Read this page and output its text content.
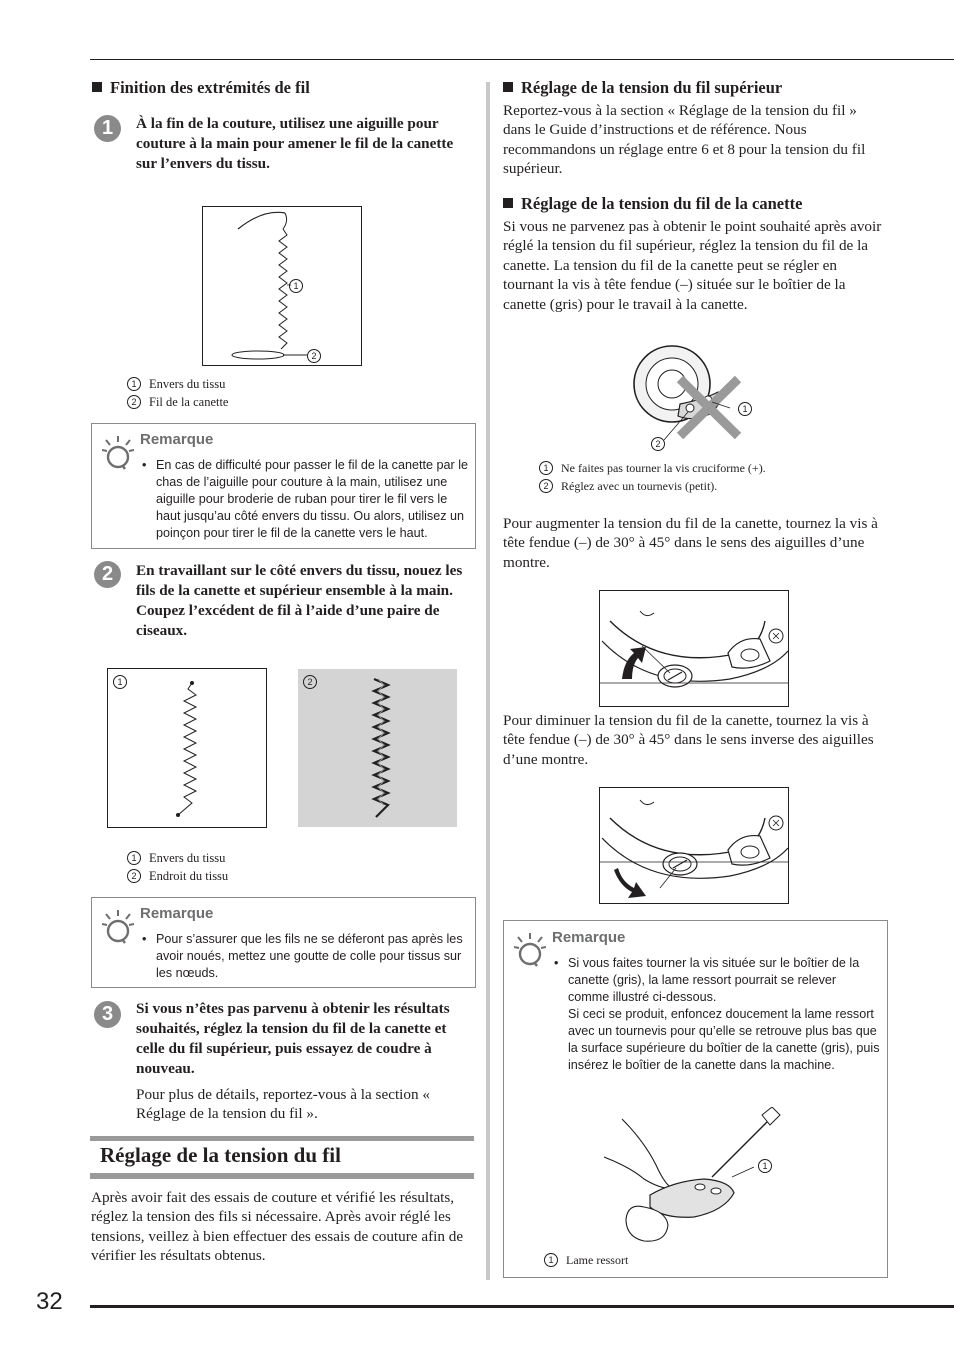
Finition des extrémités de fil
1	À la fin de la couture, utilisez une aiguille pour couture à la main pour amener le fil de la canette sur l’envers du tissu.
1
2
1 Envers du tissu
2 Fil de la canette
Remarque
• En cas de difficulté pour passer le fil de la canette par le chas de l’aiguille pour couture à la main, utilisez une aiguille pour broderie de ruban pour tirer le fil vers le haut jusqu’au côté envers du tissu. Ou alors, utilisez un poinçon pour tirer le fil de la canette vers le haut.
2	En travaillant sur le côté envers du tissu, nouez les fils de la canette et supérieur ensemble à la main. Coupez l’excédent de fil à l’aide d’une paire de ciseaux.
1	2
1 Envers du tissu
2 Endroit du tissu
Remarque
• Pour s’assurer que les fils ne se déferont pas après les avoir noués, mettez une goutte de colle pour tissus sur les nœuds.
3	Si vous n’êtes pas parvenu à obtenir les résultats souhaités, réglez la tension du fil de la canette et celle du fil supérieur, puis essayez de coudre à nouveau.
Pour plus de détails, reportez-vous à la section « Réglage de la tension du fil ».
Réglage de la tension du fil
Après avoir fait des essais de couture et vérifié les résultats, réglez la tension des fils si nécessaire. Après avoir réglé les tensions, veillez à bien effectuer des essais de couture afin de vérifier les résultats obtenus.
Réglage de la tension du fil supérieur
Reportez-vous à la section « Réglage de la tension du fil » dans le Guide d’instructions et de référence. Nous recommandons un réglage entre 6 et 8 pour la tension du fil supérieur.
Réglage de la tension du fil de la canette
Si vous ne parvenez pas à obtenir le point souhaité après avoir réglé la tension du fil supérieur, réglez la tension du fil de la canette. La tension du fil de la canette peut se régler en tournant la vis à tête fendue (–) située sur le boîtier de la canette (gris) pour le travail à la canette.
1
2
1 Ne faites pas tourner la vis cruciforme (+).
2 Réglez avec un tournevis (petit).
Pour augmenter la tension du fil de la canette, tournez la vis à tête fendue (–) de 30° à 45° dans le sens des aiguilles d’une montre.
Pour diminuer la tension du fil de la canette, tournez la vis à tête fendue (–) de 30° à 45° dans le sens inverse des aiguilles d’une montre.
Remarque
• Si vous faites tourner la vis située sur le boîtier de la canette (gris), la lame ressort pourrait se relever comme illustré ci-dessous.
Si ceci se produit, enfoncez doucement la lame ressort avec un tournevis pour qu’elle se retrouve plus bas que la surface supérieure du boîtier de la canette (gris), puis insérez le boîtier de la canette dans la machine.
1
1 Lame ressort
32
